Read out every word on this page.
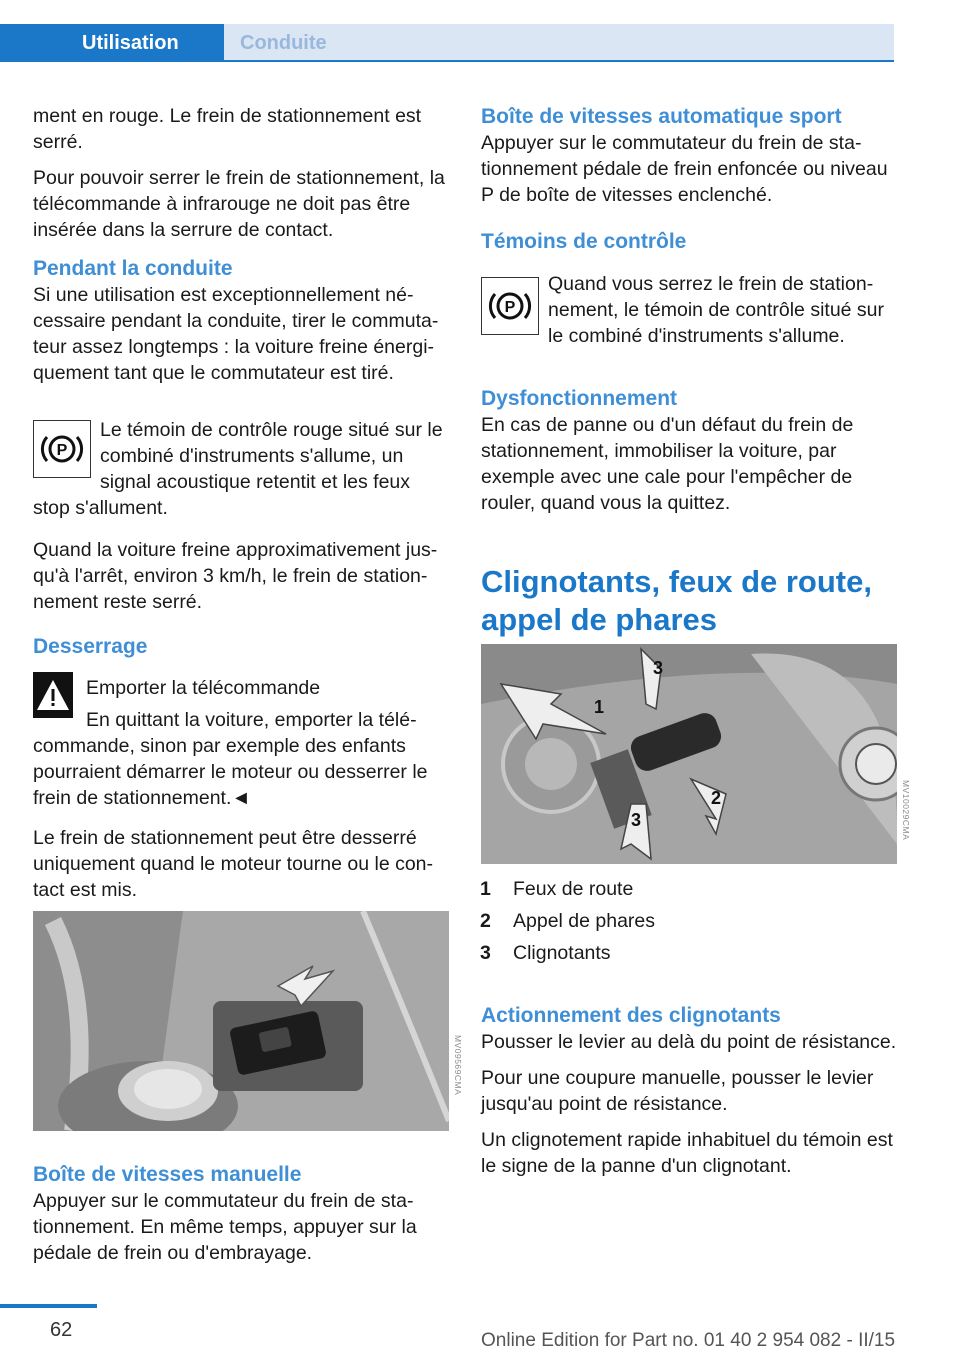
Utilisation	Conduite

ment en rouge. Le frein de stationnement est serré.

Pour pouvoir serrer le frein de stationnement, la télécommande à infrarouge ne doit pas être insérée dans la serrure de contact.

Pendant la conduite

Si une utilisation est exceptionnellement nécessaire pendant la conduite, tirer le commutateur assez longtemps : la voiture freine énergiquement tant que le commutateur est tiré.

P

Le témoin de contrôle rouge situé sur le combiné d'instruments s'allume, un signal acoustique retentit et les feux

stop s'allument.

Quand la voiture freine approximativement jusqu'à l'arrêt, environ 3 km/h, le frein de stationnement reste serré.

Desserrage
Emporter la télécommande
En quittant la voiture, emporter la télé-

commande, sinon par exemple des enfants pourraient démarrer le moteur ou desserrer le frein de stationnement.◄

Le frein de stationnement peut être desserré uniquement quand le moteur tourne ou le contact est mis.

MV09569CMA
Boîte de vitesses manuelle

Appuyer sur le commutateur du frein de stationnement. En même temps, appuyer sur la pédale de frein ou d'embrayage.

Boîte de vitesses automatique sport

Appuyer sur le commutateur du frein de stationnement pédale de frein enfoncée ou niveau P de boîte de vitesses enclenché.

Témoins de contrôle
P

Quand vous serrez le frein de stationnement, le témoin de contrôle situé sur le combiné d'instruments s'allume.

Dysfonctionnement

En cas de panne ou d'un défaut du frein de stationnement, immobiliser la voiture, par exemple avec une cale pour l'empêcher de rouler, quand vous la quittez.

Clignotants, feux de route, appel de phares
1
3
2
3	MV10029CMA
1 Feux de route
2 Appel de phares
3 Clignotants
Actionnement des clignotants

Pousser le levier au delà du point de résistance.

Pour une coupure manuelle, pousser le levier jusqu'au point de résistance.

Un clignotement rapide inhabituel du témoin est le signe de la panne d'un clignotant.

62	Online Edition for Part no. 01 40 2 954 082 - II/15
